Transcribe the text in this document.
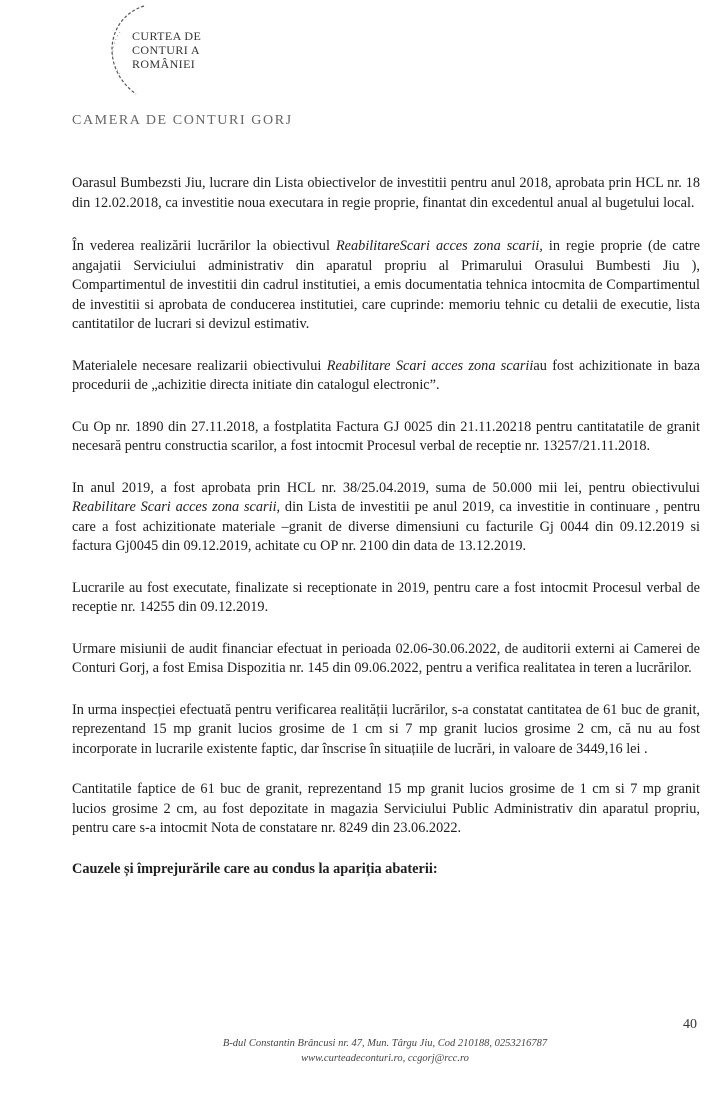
CURTEA DE
CONTURI A
ROMÂNIEI
CAMERA DE CONTURI GORJ

Oarasul Bumbezsti Jiu, lucrare din Lista obiectivelor de investitii pentru anul 2018, aprobata prin HCL nr. 18 din 12.02.2018, ca investitie noua executara in regie proprie, finantat din excedentul anual al bugetului local.

În vederea realizării lucrărilor la obiectivul ReabilitareScari acces zona scarii, in regie proprie (de catre angajatii Serviciului administrativ din aparatul propriu al Primarului Orasului Bumbesti Jiu ), Compartimentul de investitii din cadrul institutiei, a emis documentatia tehnica intocmita de Compartimentul de investitii si aprobata de conducerea institutiei, care cuprinde: memoriu tehnic cu detalii de executie, lista cantitatilor de lucrari si devizul estimativ.

Materialele necesare realizarii obiectivului Reabilitare Scari acces zona scariiau fost achizitionate in baza procedurii de „achizitie directa initiate din catalogul electronic”.

Cu Op nr. 1890 din 27.11.2018, a fostplatita Factura GJ 0025 din 21.11.20218 pentru cantitatatile de granit necesară pentru constructia scarilor, a fost intocmit Procesul verbal de receptie nr. 13257/21.11.2018.

In anul 2019, a fost aprobata prin HCL nr. 38/25.04.2019, suma de 50.000 mii lei, pentru obiectivului Reabilitare Scari acces zona scarii, din Lista de investitii pe anul 2019, ca investitie in continuare , pentru care a fost achizitionate materiale –granit de diverse dimensiuni cu facturile Gj 0044 din 09.12.2019 si factura Gj0045 din 09.12.2019, achitate cu OP nr. 2100 din data de 13.12.2019.

Lucrarile au fost executate, finalizate si receptionate in 2019, pentru care a fost intocmit Procesul verbal de receptie nr. 14255 din 09.12.2019.

Urmare misiunii de audit financiar efectuat in perioada 02.06-30.06.2022, de auditorii externi ai Camerei de Conturi Gorj, a fost Emisa Dispozitia nr. 145 din 09.06.2022, pentru a verifica realitatea in teren a lucrărilor.

In urma inspecției efectuată pentru verificarea realității lucrărilor, s-a constatat cantitatea de 61 buc de granit, reprezentand 15 mp granit lucios grosime de 1 cm si 7 mp granit lucios grosime 2 cm, că nu au fost incorporate in lucrarile existente faptic, dar înscrise în situațiile de lucrări, in valoare de 3449,16 lei .

Cantitatile faptice de 61 buc de granit, reprezentand 15 mp granit lucios grosime de 1 cm si 7 mp granit lucios grosime 2 cm, au fost depozitate in magazia Serviciului Public Administrativ din aparatul propriu, pentru care s-a intocmit Nota de constatare nr. 8249 din 23.06.2022.

Cauzele și împrejurările care au condus la apariția abaterii:

40
B-dul Constantin Brâncusi nr. 47, Mun. Târgu Jiu, Cod 210188, 0253216787
www.curteadeconturi.ro, ccgorj@rcc.ro
